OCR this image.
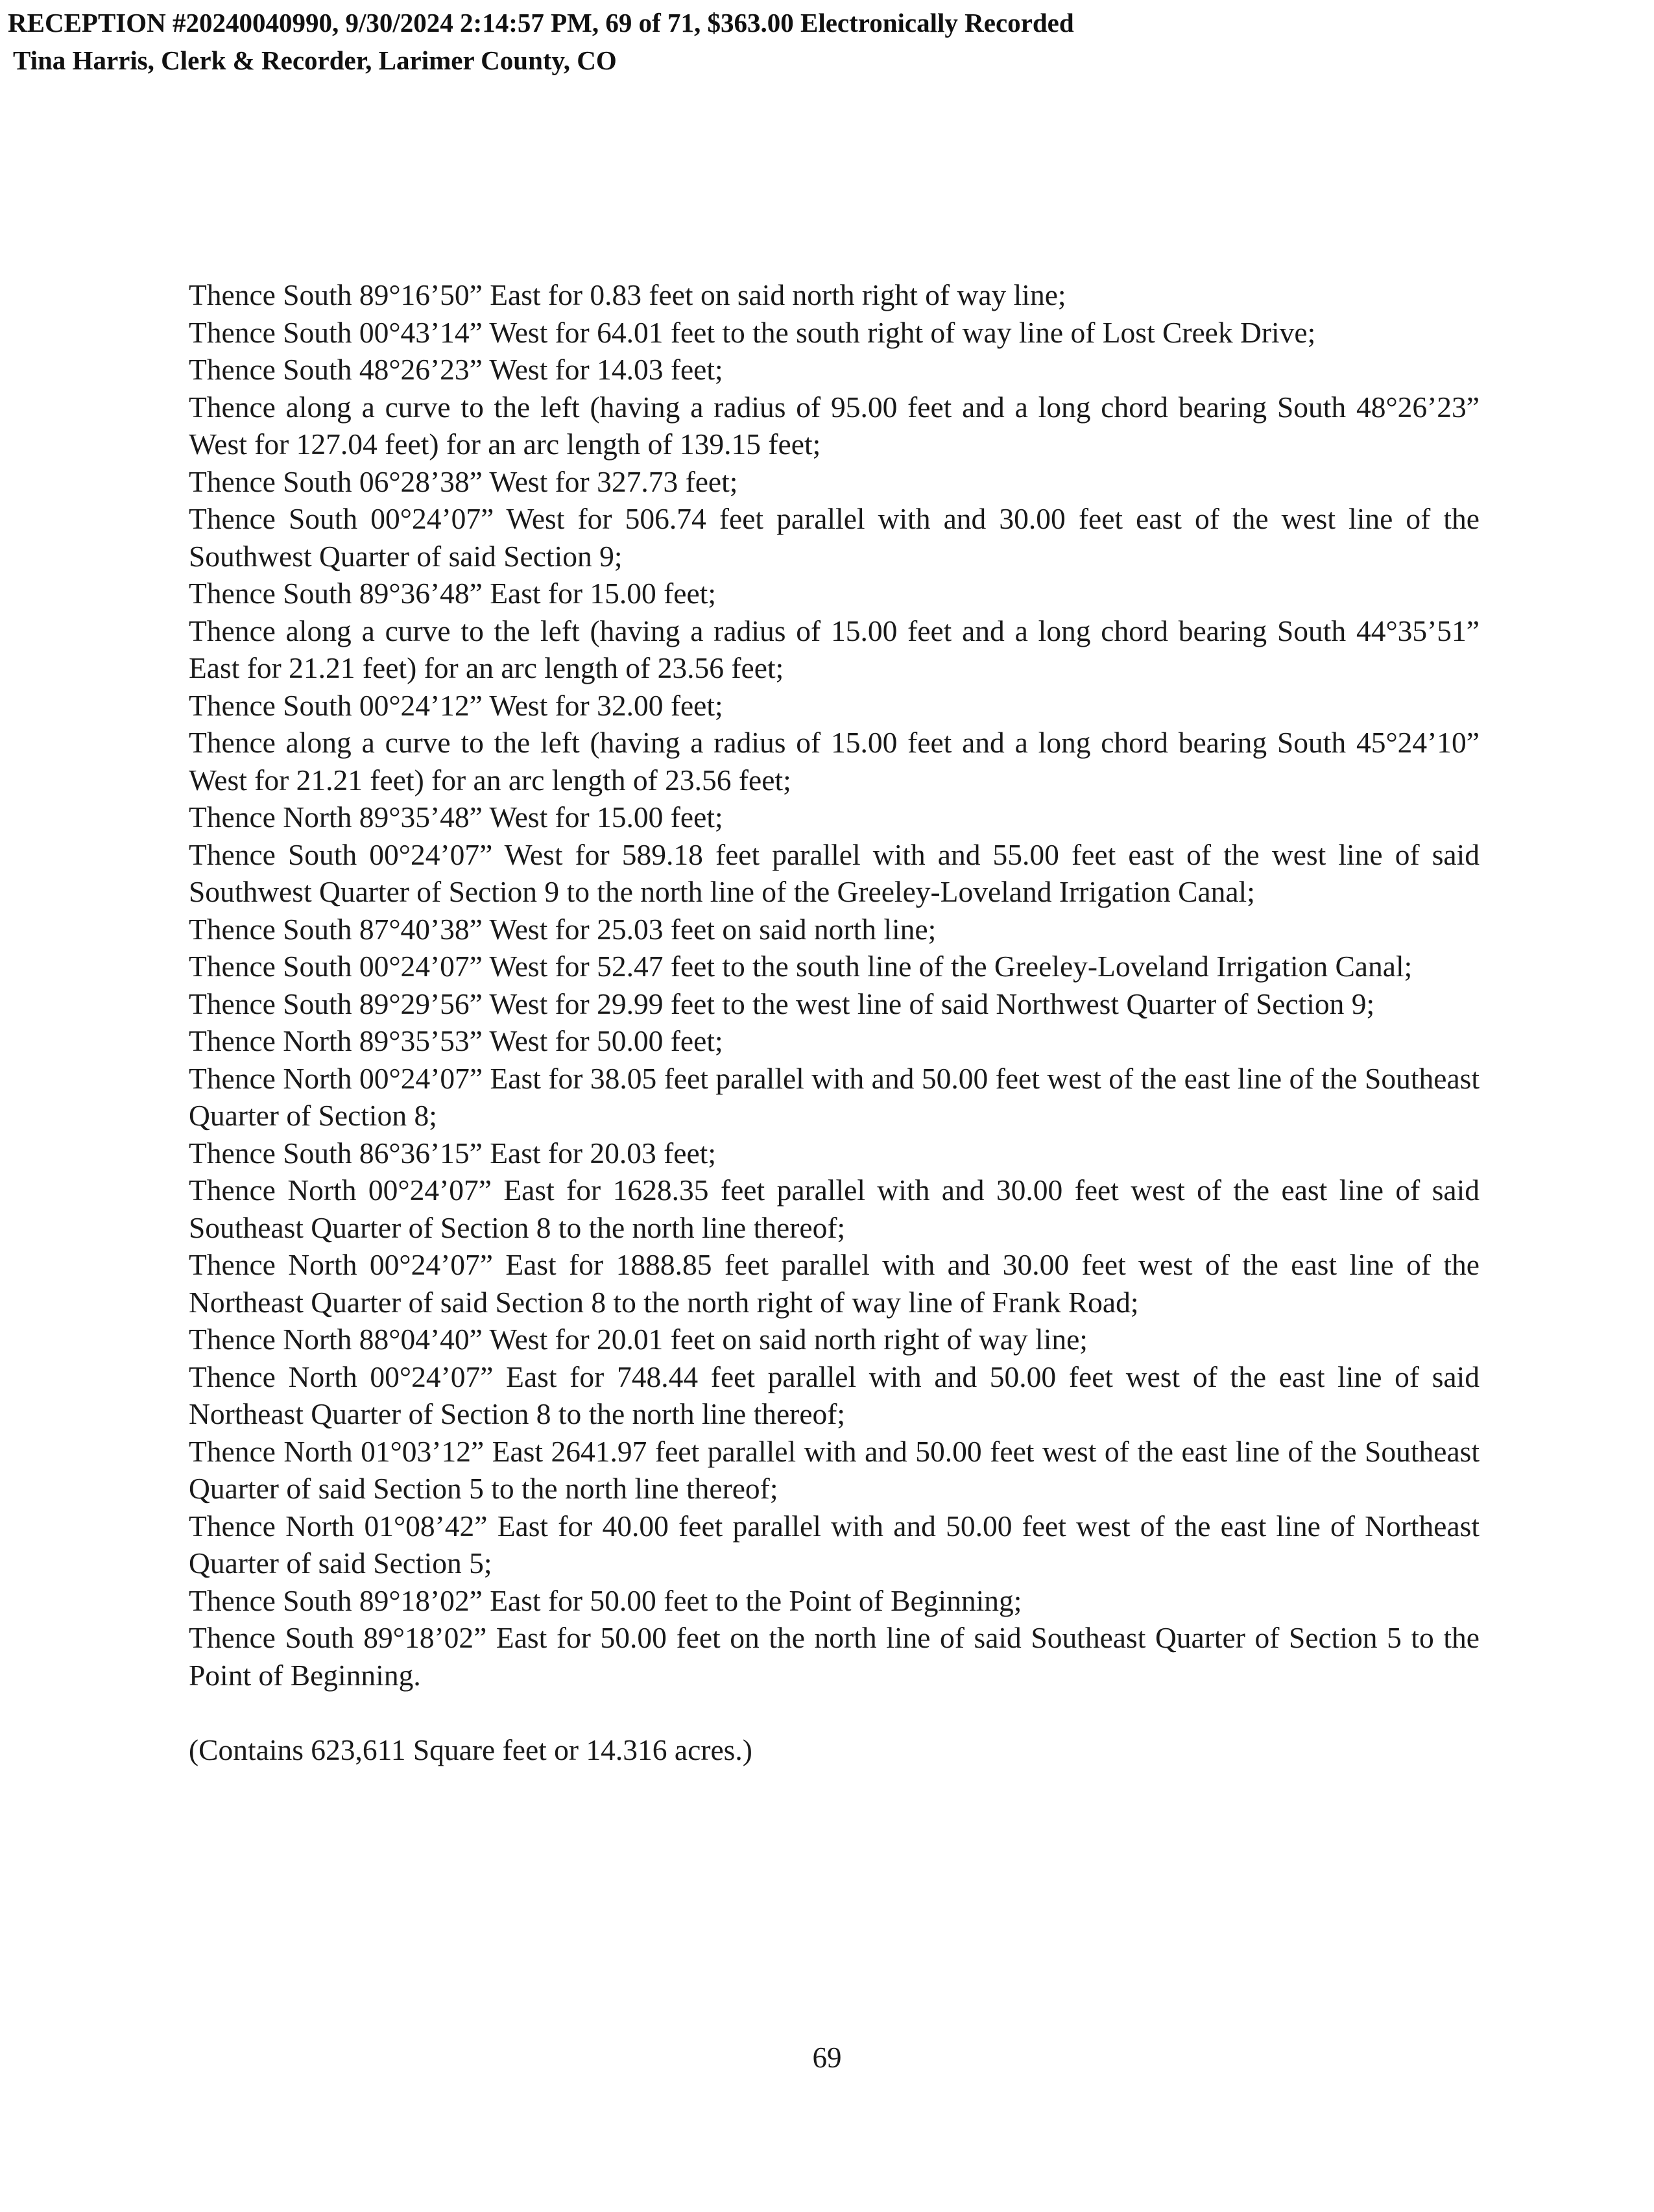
RECEPTION #20240040990, 9/30/2024 2:14:57 PM, 69 of 71, $363.00 Electronically Recorded
Tina Harris, Clerk & Recorder, Larimer County, CO

Thence South 89°16’50” East for 0.83 feet on said north right of way line;

Thence South 00°43’14” West for 64.01 feet to the south right of way line of Lost Creek Drive;

Thence South 48°26’23” West for 14.03 feet;

Thence along a curve to the left (having a radius of 95.00 feet and a long chord bearing South 48°26’23” West for 127.04 feet) for an arc length of 139.15 feet;

Thence South 06°28’38” West for 327.73 feet;

Thence South 00°24’07” West for 506.74 feet parallel with and 30.00 feet east of the west line of the Southwest Quarter of said Section 9;

Thence South 89°36’48” East for 15.00 feet;

Thence along a curve to the left (having a radius of 15.00 feet and a long chord bearing South 44°35’51” East for 21.21 feet) for an arc length of 23.56 feet;

Thence South 00°24’12” West for 32.00 feet;

Thence along a curve to the left (having a radius of 15.00 feet and a long chord bearing South 45°24’10” West for 21.21 feet) for an arc length of 23.56 feet;

Thence North 89°35’48” West for 15.00 feet;

Thence South 00°24’07” West for 589.18 feet parallel with and 55.00 feet east of the west line of said Southwest Quarter of Section 9 to the north line of the Greeley-Loveland Irrigation Canal;

Thence South 87°40’38” West for 25.03 feet on said north line;

Thence South 00°24’07” West for 52.47 feet to the south line of the Greeley-Loveland Irrigation Canal;

Thence South 89°29’56” West for 29.99 feet to the west line of said Northwest Quarter of Section 9;

Thence North 89°35’53” West for 50.00 feet;

Thence North 00°24’07” East for 38.05 feet parallel with and 50.00 feet west of the east line of the Southeast Quarter of Section 8;

Thence South 86°36’15” East for 20.03 feet;

Thence North 00°24’07” East for 1628.35 feet parallel with and 30.00 feet west of the east line of said Southeast Quarter of Section 8 to the north line thereof;

Thence North 00°24’07” East for 1888.85 feet parallel with and 30.00 feet west of the east line of the Northeast Quarter of said Section 8 to the north right of way line of Frank Road;

Thence North 88°04’40” West for 20.01 feet on said north right of way line;

Thence North 00°24’07” East for 748.44 feet parallel with and 50.00 feet west of the east line of said Northeast Quarter of Section 8 to the north line thereof;

Thence North 01°03’12” East 2641.97 feet parallel with and 50.00 feet west of the east line of the Southeast Quarter of said Section 5 to the north line thereof;

Thence North 01°08’42” East for 40.00 feet parallel with and 50.00 feet west of the east line of Northeast Quarter of said Section 5;

Thence South 89°18’02” East for 50.00 feet to the Point of Beginning;

Thence South 89°18’02” East for 50.00 feet on the north line of said Southeast Quarter of Section 5 to the Point of Beginning.

(Contains 623,611 Square feet or 14.316 acres.)

69
